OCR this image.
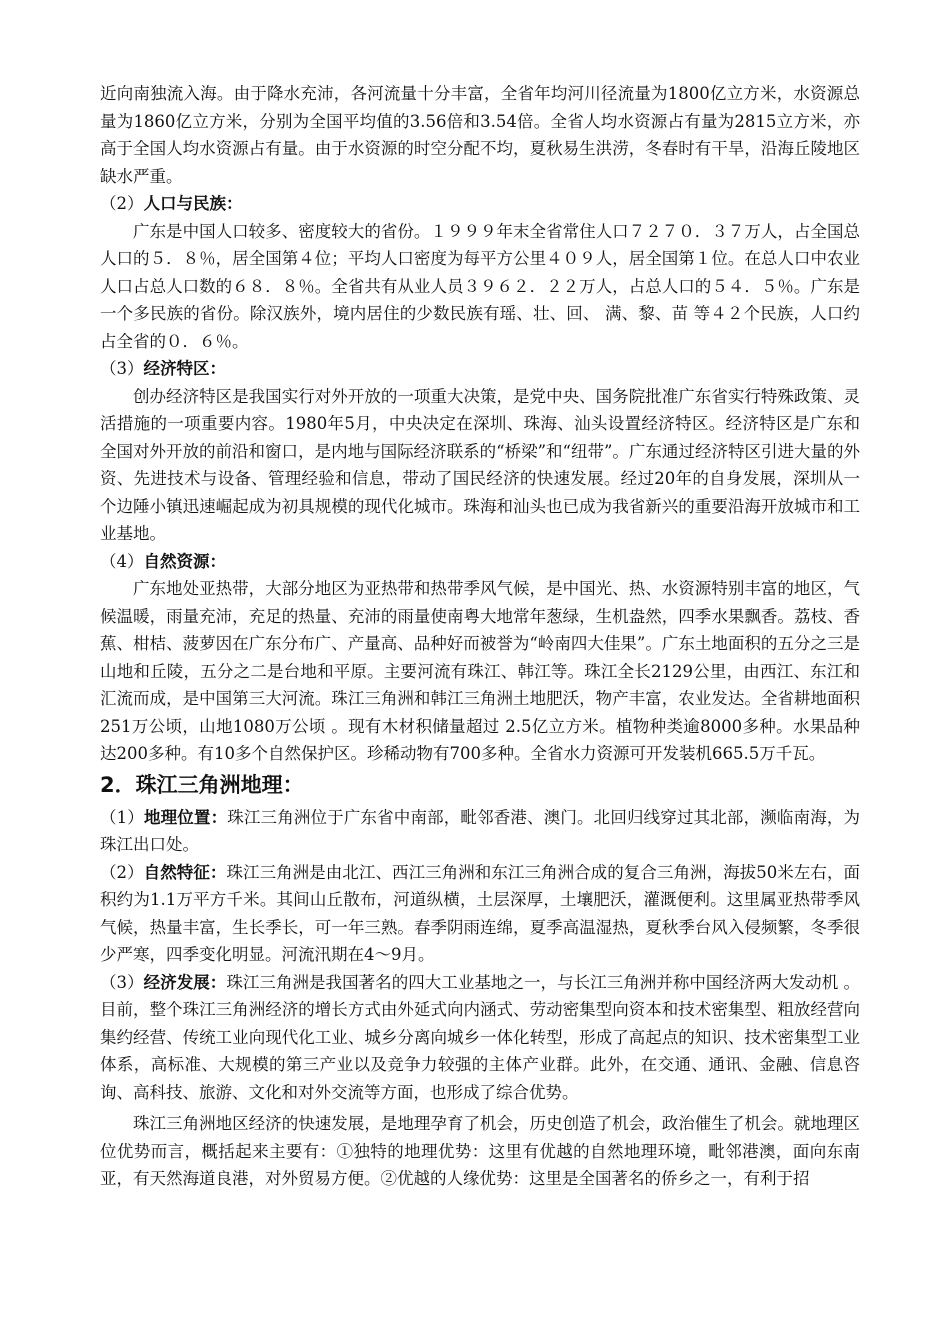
近向南独流入海。由于降水充沛，各河流量十分丰富，全省年均河川径流量为1800亿立方米，水资源总量为1860亿立方米，分别为全国平均值的3.56倍和3.54倍。全省人均水资源占有量为2815立方米，亦高于全国人均水资源占有量。由于水资源的时空分配不均，夏秋易生洪涝，冬春时有干旱，沿海丘陵地区缺水严重。

（2）人口与民族：

广东是中国人口较多、密度较大的省份。１９９９年末全省常住人口７２７０．３７万人，占全国总人口的５．８％，居全国第４位；平均人口密度为每平方公里４０９人，居全国第１位。在总人口中农业人口占总人口数的６８．８％。全省共有从业人员３９６２．２２万人，占总人口的５４．５％。广东是一个多民族的省份。除汉族外，境内居住的少数民族有瑶、壮、回、 满、黎、苗 等４２个民族，人口约占全省的０．６％。

（3）经济特区：

创办经济特区是我国实行对外开放的一项重大决策，是党中央、国务院批准广东省实行特殊政策、灵活措施的一项重要内容。1980年5月，中央决定在深圳、珠海、汕头设置经济特区。经济特区是广东和全国对外开放的前沿和窗口，是内地与国际经济联系的“桥梁”和“纽带”。广东通过经济特区引进大量的外资、先进技术与设备、管理经验和信息，带动了国民经济的快速发展。经过20年的自身发展，深圳从一个边陲小镇迅速崛起成为初具规模的现代化城市。珠海和汕头也已成为我省新兴的重要沿海开放城市和工业基地。

（4）自然资源：

广东地处亚热带，大部分地区为亚热带和热带季风气候，是中国光、热、水资源特别丰富的地区，气候温暖，雨量充沛，充足的热量、充沛的雨量使南粤大地常年葱绿，生机盎然，四季水果飘香。荔枝、香蕉、柑桔、菠萝因在广东分布广、产量高、品种好而被誉为“岭南四大佳果”。广东土地面积的五分之三是山地和丘陵，五分之二是台地和平原。主要河流有珠江、韩江等。珠江全长2129公里，由西江、东江和汇流而成，是中国第三大河流。珠江三角洲和韩江三角洲土地肥沃，物产丰富，农业发达。全省耕地面积251万公顷，山地1080万公顷 。现有木材积储量超过 2.5亿立方米。植物种类逾8000多种。水果品种达200多种。有10多个自然保护区。珍稀动物有700多种。全省水力资源可开发装机665.5万千瓦。

2．珠江三角洲地理：

（1）地理位置：珠江三角洲位于广东省中南部，毗邻香港、澳门。北回归线穿过其北部，濒临南海，为珠江出口处。

（2）自然特征：珠江三角洲是由北江、西江三角洲和东江三角洲合成的复合三角洲，海拔50米左右，面积约为1.1万平方千米。其间山丘散布，河道纵横，土层深厚，土壤肥沃，灌溉便利。这里属亚热带季风气候，热量丰富，生长季长，可一年三熟。春季阴雨连绵，夏季高温湿热，夏秋季台风入侵频繁，冬季很少严寒，四季变化明显。河流汛期在4～9月。

（3）经济发展：珠江三角洲是我国著名的四大工业基地之一，与长江三角洲并称中国经济两大发动机 。目前，整个珠江三角洲经济的增长方式由外延式向内涵式、劳动密集型向资本和技术密集型、粗放经营向集约经营、传统工业向现代化工业、城乡分离向城乡一体化转型，形成了高起点的知识、技术密集型工业体系，高标准、大规模的第三产业以及竞争力较强的主体产业群。此外，在交通、通讯、金融、信息咨询、高科技、旅游、文化和对外交流等方面，也形成了综合优势。

珠江三角洲地区经济的快速发展，是地理孕育了机会，历史创造了机会，政治催生了机会。就地理区位优势而言，概括起来主要有：①独特的地理优势：这里有优越的自然地理环境，毗邻港澳，面向东南亚，有天然海道良港，对外贸易方便。②优越的人缘优势：这里是全国著名的侨乡之一，有利于招
